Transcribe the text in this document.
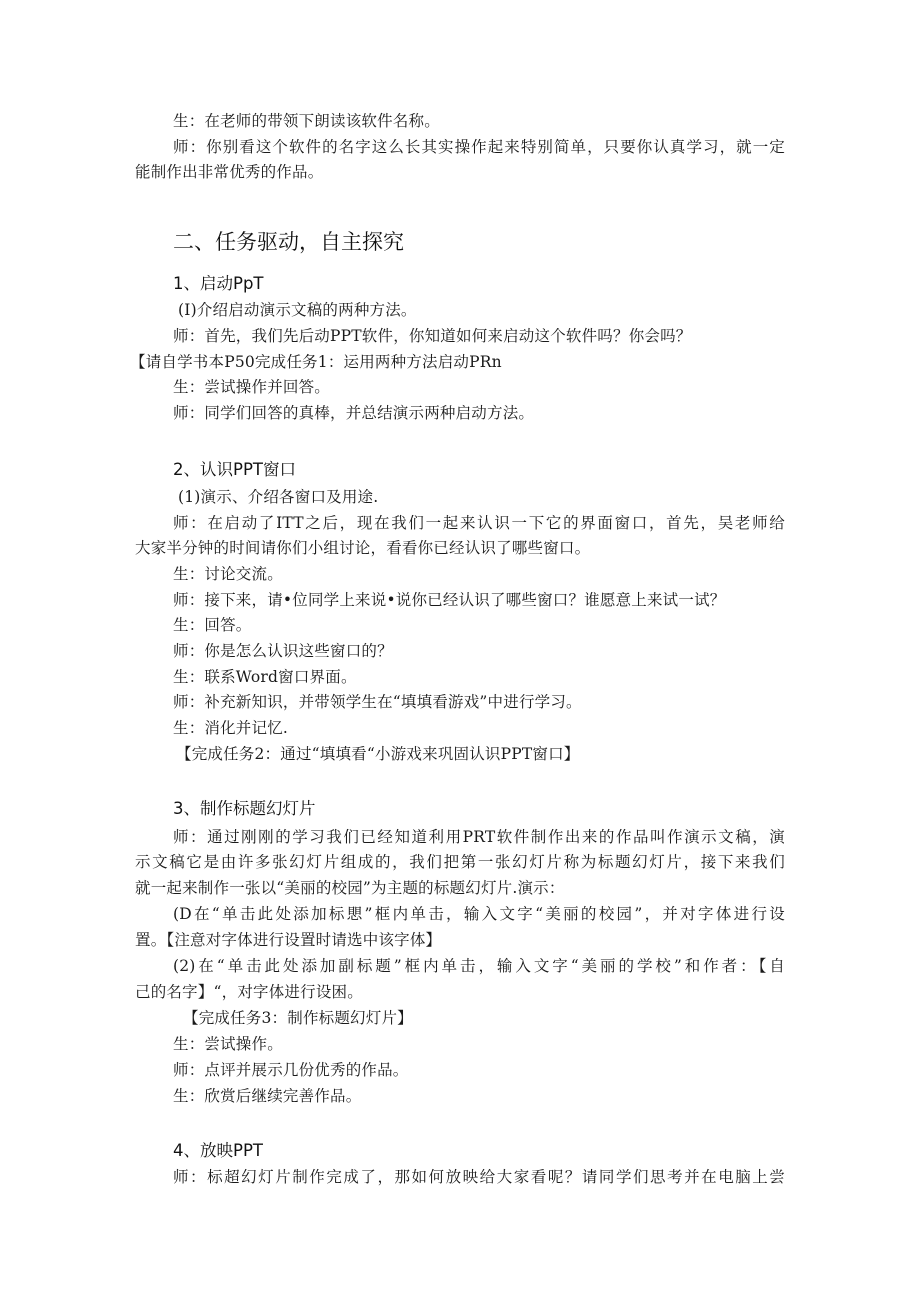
生：在老师的带领下朗读该软件名称。
师：你别看这个软件的名字这么长其实操作起来特别简单，只要你认真学习，就一定
能制作出非常优秀的作品。
二、任务驱动，自主探究
1、启动PpT
(I)介绍启动演示文稿的两种方法。
师：首先，我们先后动PPT软件，你知道如何来启动这个软件吗？你会吗？
【请自学书本P50完成任务1：运用两种方法启动PRn
生：尝试操作并回答。
师：同学们回答的真棒，并总结演示两种启动方法。
2、认识PPT窗口
(1)演示、介绍各窗口及用途.
师：在启动了ITT之后，现在我们一起来认识一下它的界面窗口，首先，吴老师给
大家半分钟的时间请你们小组讨论，看看你已经认识了哪些窗口。
生：讨论交流。
师：接下来，请•位同学上来说•说你已经认识了哪些窗口？谁愿意上来试一试？
生：回答。
师：你是怎么认识这些窗口的？
生：联系Word窗口界面。
师：补充新知识，并带领学生在“填填看游戏”中进行学习。
生：消化并记忆.
【完成任务2：通过“填填看“小游戏来巩固认识PPT窗口】
3、制作标题幻灯片
师：通过刚刚的学习我们已经知道利用PRT软件制作出来的作品叫作演示文稿，演
示文稿它是由许多张幻灯片组成的，我们把第一张幻灯片称为标题幻灯片，接下来我们
就一起来制作一张以“美丽的校园”为主题的标题幻灯片.演示：
(D在“单击此处添加标愳”框内单击，输入文字“美丽的校园”，并对字体进行设
置。【注意对字体进行设置时请选中该字体】
(2)在“单击此处添加副标题”框内单击，输入文字“美丽的学校”和作者：【自
己的名字】“，对字体进行设困。
【完成任务3：制作标题幻灯片】
生：尝试操作。
师：点评并展示几份优秀的作品。
生：欣赏后继续完善作品。
4、放映PPT
师：标超幻灯片制作完成了，那如何放映给大家看呢？请同学们思考并在电脑上尝
